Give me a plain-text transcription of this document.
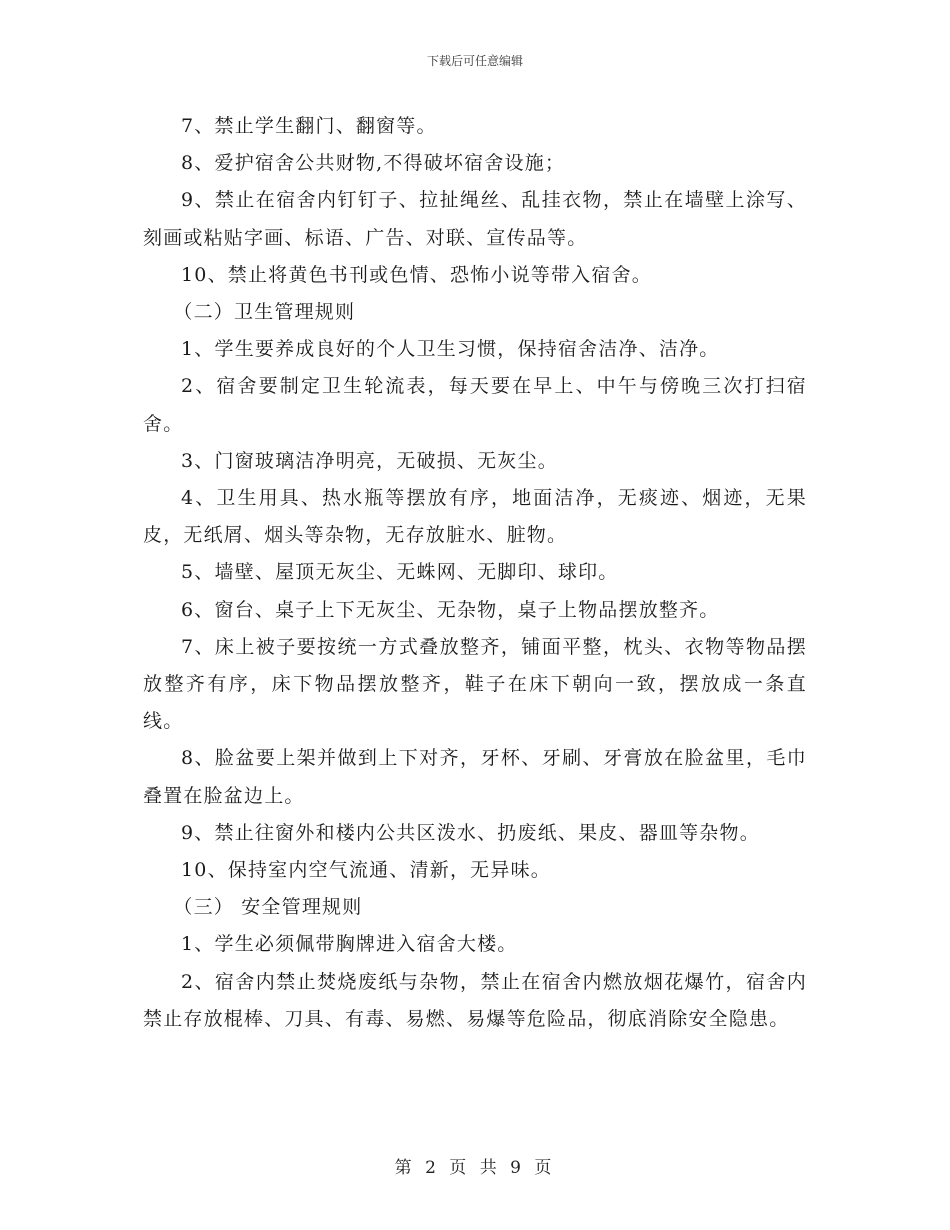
下载后可任意编辑

7、禁止学生翻门、翻窗等。

8、爱护宿舍公共财物,不得破坏宿舍设施；

9、禁止在宿舍内钉钉子、拉扯绳丝、乱挂衣物，禁止在墙壁上涂写、刻画或粘贴字画、标语、广告、对联、宣传品等。

10、禁止将黄色书刊或色情、恐怖小说等带入宿舍。

（二）卫生管理规则

1、学生要养成良好的个人卫生习惯，保持宿舍洁净、洁净。

2、宿舍要制定卫生轮流表，每天要在早上、中午与傍晚三次打扫宿舍。

3、门窗玻璃洁净明亮，无破损、无灰尘。

4、卫生用具、热水瓶等摆放有序，地面洁净，无痰迹、烟迹，无果皮，无纸屑、烟头等杂物，无存放脏水、脏物。

5、墙壁、屋顶无灰尘、无蛛网、无脚印、球印。

6、窗台、桌子上下无灰尘、无杂物，桌子上物品摆放整齐。

7、床上被子要按统一方式叠放整齐，铺面平整，枕头、衣物等物品摆放整齐有序，床下物品摆放整齐，鞋子在床下朝向一致，摆放成一条直线。

8、脸盆要上架并做到上下对齐，牙杯、牙刷、牙膏放在脸盆里，毛巾叠置在脸盆边上。

9、禁止往窗外和楼内公共区泼水、扔废纸、果皮、器皿等杂物。

10、保持室内空气流通、清新，无异味。

（三） 安全管理规则

1、学生必须佩带胸牌进入宿舍大楼。

2、宿舍内禁止焚烧废纸与杂物，禁止在宿舍内燃放烟花爆竹，宿舍内禁止存放棍棒、刀具、有毒、易燃、易爆等危险品，彻底消除安全隐患。

第 2 页 共 9 页
